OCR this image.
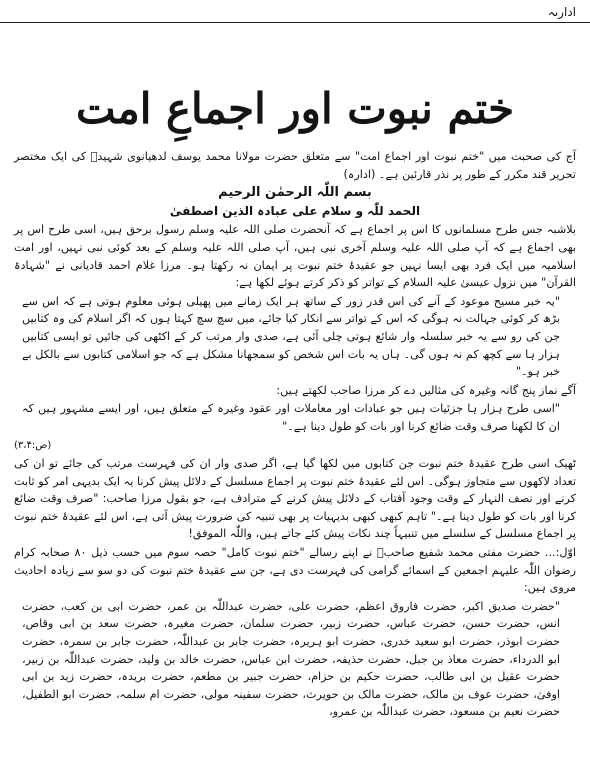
ادارىہ
ختم نبوت اور اجماعِ امت

آج کی صحبت میں "ختم نبوت اور اجماع امت" سے متعلق حضرت مولانا محمد یوسف لدھیانوی شہیدؒ کی ایک مختصر تحریر قند مکرر کے طور پر نذر قارئین ہے۔ (ادارہ)

بسم اللّٰہ الرحمٰن الرحیم

الحمد للّٰہ و سلام علی عبادہ الذین اصطفیٰ

بلاشبہ جس طرح مسلمانوں کا اس پر اجماع ہے کہ آنحضرت صلی اللہ علیہ وسلم رسول برحق ہیں، اسی طرح اس پر بھی اجماع ہے کہ آپ صلی اللہ علیہ وسلم آخری نبی ہیں، آپ صلی اللہ علیہ وسلم کے بعد کوئی نبی نہیں، اور امت اسلامیہ میں ایک فرد بھی ایسا نہیں جو عقیدۂ ختم نبوت پر ایمان نہ رکھتا ہو۔ مرزا غلام احمد قادیانی نے "شہادۃ القرآن" میں نزول عیسیٰ علیہ السلام کے تواتر کو ذکر کرتے ہوئے لکھا ہے:

"یہ خبر مسیح موعود کے آنے کی اس قدر زور کے ساتھ ہر ایک زمانے میں پھیلی ہوئی معلوم ہوتی ہے کہ اس سے بڑھ کر کوئی جہالت نہ ہوگی کہ اس کے تواتر سے انکار کیا جائے، میں سچ سچ کہتا ہوں کہ اگر اسلام کی وہ کتابیں جن کی رو سے یہ خبر سلسلہ وار شائع ہوتی چلی آئی ہے، صدی وار مرتب کر کے اکٹھی کی جائیں تو ایسی کتابیں ہزار ہا سے کچھ کم نہ ہوں گی۔ ہاں یہ بات اس شخص کو سمجھانا مشکل ہے کہ جو اسلامی کتابوں سے بالکل بے خبر ہو۔"

آگے نماز پنج گانہ وغیرہ کی مثالیں دے کر مرزا صاحب لکھتے ہیں:

"اسی طرح ہزار ہا جزئیات ہیں جو عبادات اور معاملات اور عقود وغیرہ کے متعلق ہیں، اور ایسے مشہور ہیں کہ ان کا لکھنا صرف وقت ضائع کرنا اور بات کو طول دینا ہے۔"

(ص:۳،۴)

ٹھیک اسی طرح عقیدۂ ختم نبوت جن کتابوں میں لکھا گیا ہے، اگر صدی وار ان کی فہرست مرتب کی جائے تو ان کی تعداد لاکھوں سے متجاوز ہوگی۔ اس لئے عقیدۂ ختم نبوت پر اجماع مسلسل کے دلائل پیش کرنا یہ ایک بدیہی امر کو ثابت کرنے اور نصف النہار کے وقت وجود آفتاب کے دلائل پیش کرنے کے مترادف ہے، جو بقول مرزا صاحب: "صرف وقت ضائع کرنا اور بات کو طول دینا ہے۔" تاہم کبھی کبھی بدیہیات پر بھی تنبیہ کی ضرورت پیش آتی ہے، اس لئے عقیدۂ ختم نبوت پر اجماع مسلسل کے سلسلے میں تنبیہاً چند نکات پیش کئے جاتے ہیں، واللّٰہ الموفق!

اوّل:... حضرت مفتی محمد شفیع صاحبؒ نے اپنے رسالے "ختم نبوت کامل" حصہ سوم میں حسب ذیل ۸۰ صحابہ کرام رضوان اللّٰہ علیہم اجمعین کے اسمائے گرامی کی فہرست دی ہے، جن سے عقیدۂ ختم نبوت کی دو سو سے زیادہ احادیث مروی ہیں:

"حضرت صدیق اکبر، حضرت فاروق اعظم، حضرت علی، حضرت عبداللّٰہ بن عمر، حضرت ابی بن کعب، حضرت انس، حضرت حسن، حضرت عباس، حضرت زبیر، حضرت سلمان، حضرت مغیرہ، حضرت سعد بن ابی وقاص، حضرت ابوذر، حضرت ابو سعید خدری، حضرت ابو ہریرہ، حضرت جابر بن عبداللّٰہ، حضرت جابر بن سمرہ، حضرت ابو الدرداء، حضرت معاذ بن جبل، حضرت حذیفہ، حضرت ابن عباس، حضرت خالد بن ولید، حضرت عبداللّٰہ بن زبیر، حضرت عقیل بن ابی طالب، حضرت حکیم بن حزام، حضرت جبیر بن مطعم، حضرت بریدہ، حضرت زید بن ابی اوفیٰ، حضرت عوف بن مالک، حضرت مالک بن حویرث، حضرت سفینہ مولی، حضرت ام سلمہ، حضرت ابو الطفیل، حضرت نعیم بن مسعود، حضرت عبداللّٰہ بن عمرو،
